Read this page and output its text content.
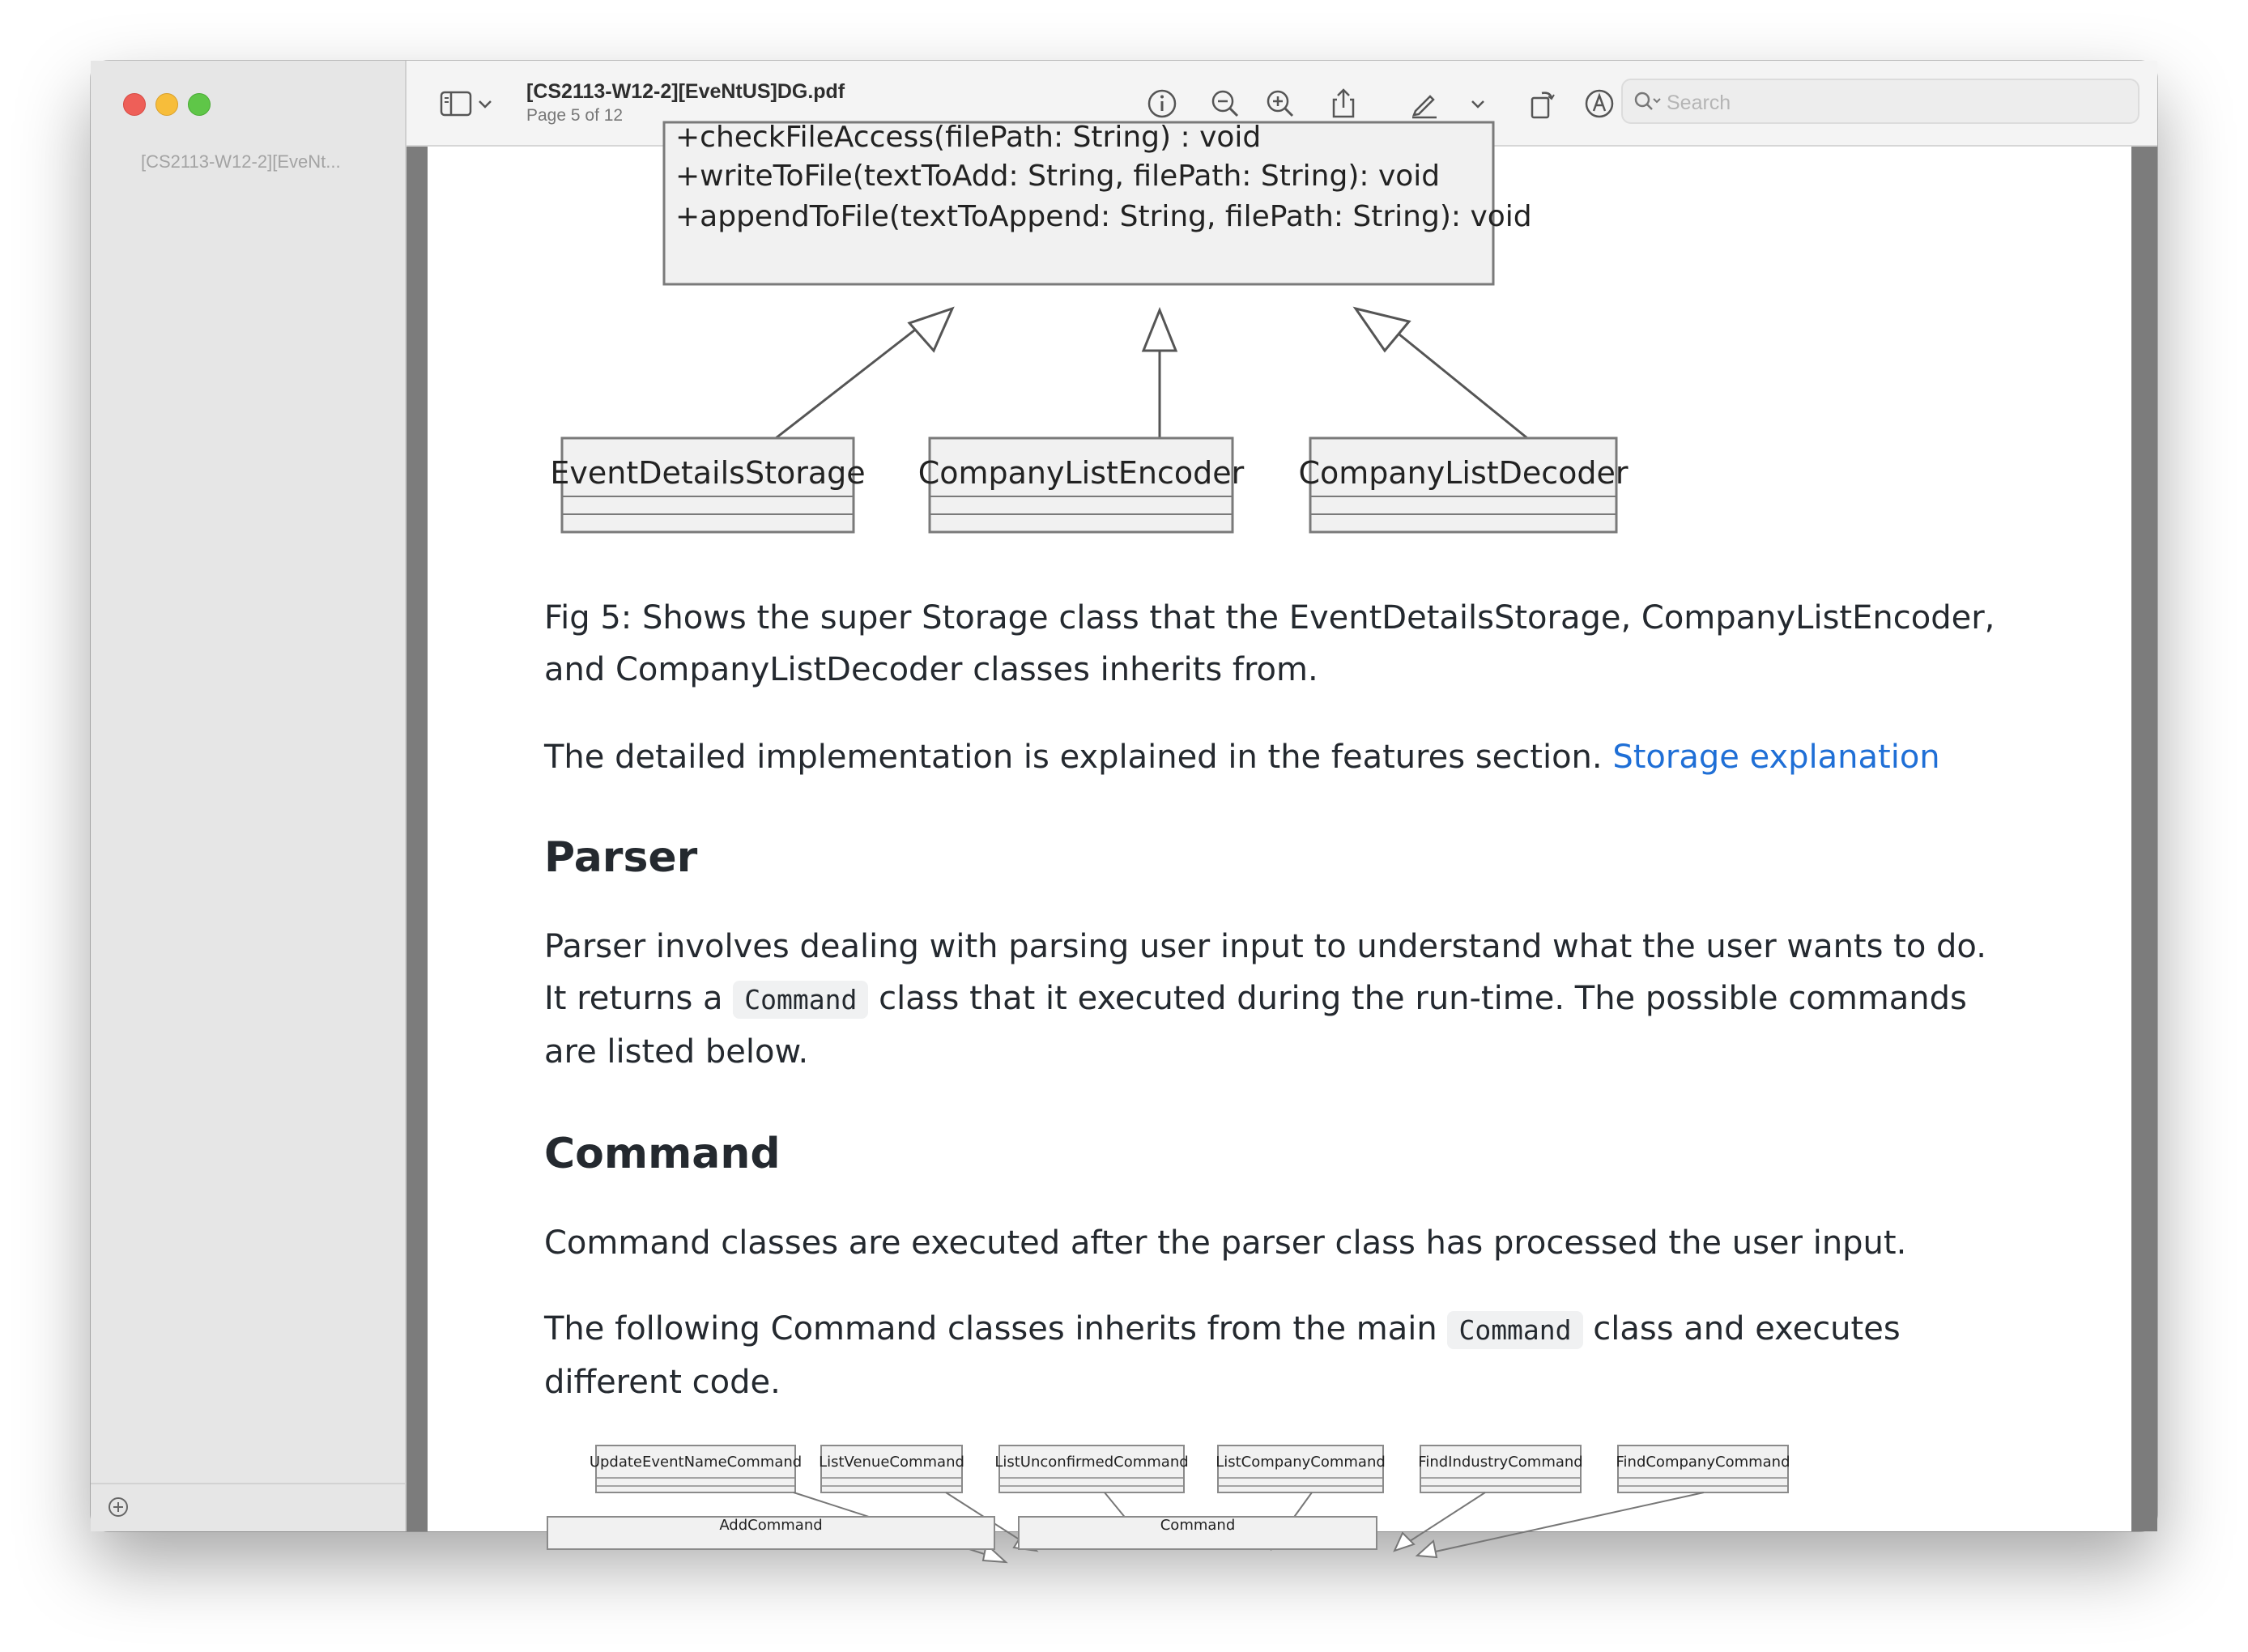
[CS2113-W12-2][EveNt...
[CS2113-W12-2][EveNtUS]DG.pdf
Page 5 of 12
Search
+checkFileAccess(filePath: String) : void
+writeToFile(textToAdd: String, filePath: String): void
+appendToFile(textToAppend: String, filePath: String): void
EventDetailsStorage CompanyListEncoder CompanyListDecoder

Fig 5: Shows the super Storage class that the EventDetailsStorage, CompanyListEncoder, and CompanyListDecoder classes inherits from.

The detailed implementation is explained in the features section. Storage explanation

Parser

Parser involves dealing with parsing user input to understand what the user wants to do. It returns a Command class that it executed during the run-time. The possible commands are listed below.

Command

Command classes are executed after the parser class has processed the user input.

The following Command classes inherits from the main Command class and executes different code.

UpdateEventNameCommand ListVenueCommand ListUnconfirmedCommand ListCompanyCommand FindIndustryCommand FindCompanyCommand
AddCommand	Command
